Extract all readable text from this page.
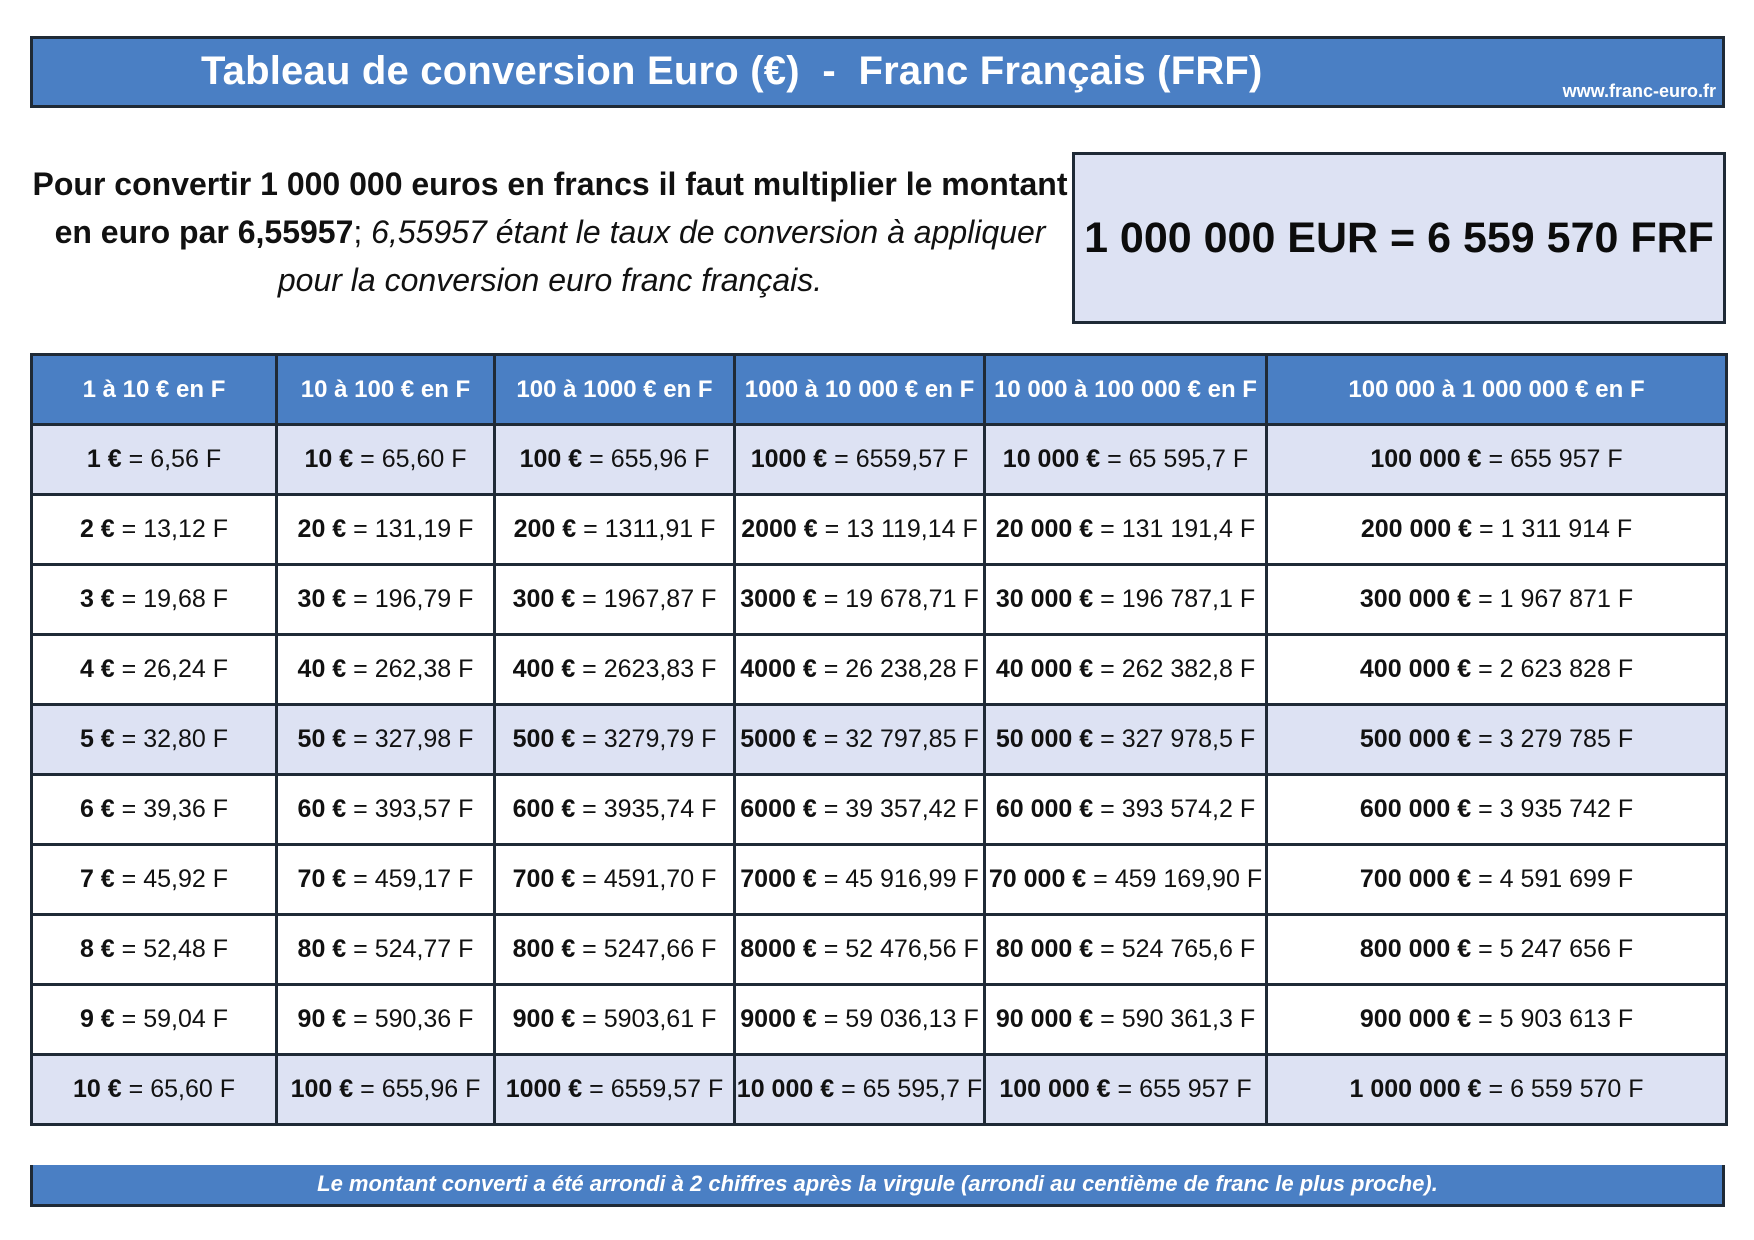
Tableau de conversion Euro (€)  -  Franc Français (FRF)	www.franc-euro.fr
Pour convertir 1 000 000 euros en francs il faut multiplier le montant en euro par 6,55957; 6,55957 étant le taux de conversion à appliquer pour la conversion euro franc français.
1 000 000 EUR = 6 559 570 FRF
1 à 10 € en F	10 à 100 € en F	100 à 1000 € en F	1000 à 10 000 € en F	10 000 à 100 000 € en F	100 000 à 1 000 000 € en F
1 € = 6,56 F	10 € = 65,60 F	100 € = 655,96 F	1000 € = 6559,57 F	10 000 € = 65 595,7 F	100 000 € = 655 957 F
2 € = 13,12 F	20 € = 131,19 F	200 € = 1311,91 F	2000 € = 13 119,14 F	20 000 € = 131 191,4 F	200 000 € = 1 311 914 F
3 € = 19,68 F	30 € = 196,79 F	300 € = 1967,87 F	3000 € = 19 678,71 F	30 000 € = 196 787,1 F	300 000 € = 1 967 871 F
4 € = 26,24 F	40 € = 262,38 F	400 € = 2623,83 F	4000 € = 26 238,28 F	40 000 € = 262 382,8 F	400 000 € = 2 623 828 F
5 € = 32,80 F	50 € = 327,98 F	500 € = 3279,79 F	5000 € = 32 797,85 F	50 000 € = 327 978,5 F	500 000 € = 3 279 785 F
6 € = 39,36 F	60 € = 393,57 F	600 € = 3935,74 F	6000 € = 39 357,42 F	60 000 € = 393 574,2 F	600 000 € = 3 935 742 F
7 € = 45,92 F	70 € = 459,17 F	700 € = 4591,70 F	7000 € = 45 916,99 F	70 000 € = 459 169,90 F	700 000 € = 4 591 699 F
8 € = 52,48 F	80 € = 524,77 F	800 € = 5247,66 F	8000 € = 52 476,56 F	80 000 € = 524 765,6 F	800 000 € = 5 247 656 F
9 € = 59,04 F	90 € = 590,36 F	900 € = 5903,61 F	9000 € = 59 036,13 F	90 000 € = 590 361,3 F	900 000 € = 5 903 613 F
10 € = 65,60 F	100 € = 655,96 F	1000 € = 6559,57 F	10 000 € = 65 595,7 F	100 000 € = 655 957 F	1 000 000 € = 6 559 570 F
Le montant converti a été arrondi à 2 chiffres après la virgule (arrondi au centième de franc le plus proche).
